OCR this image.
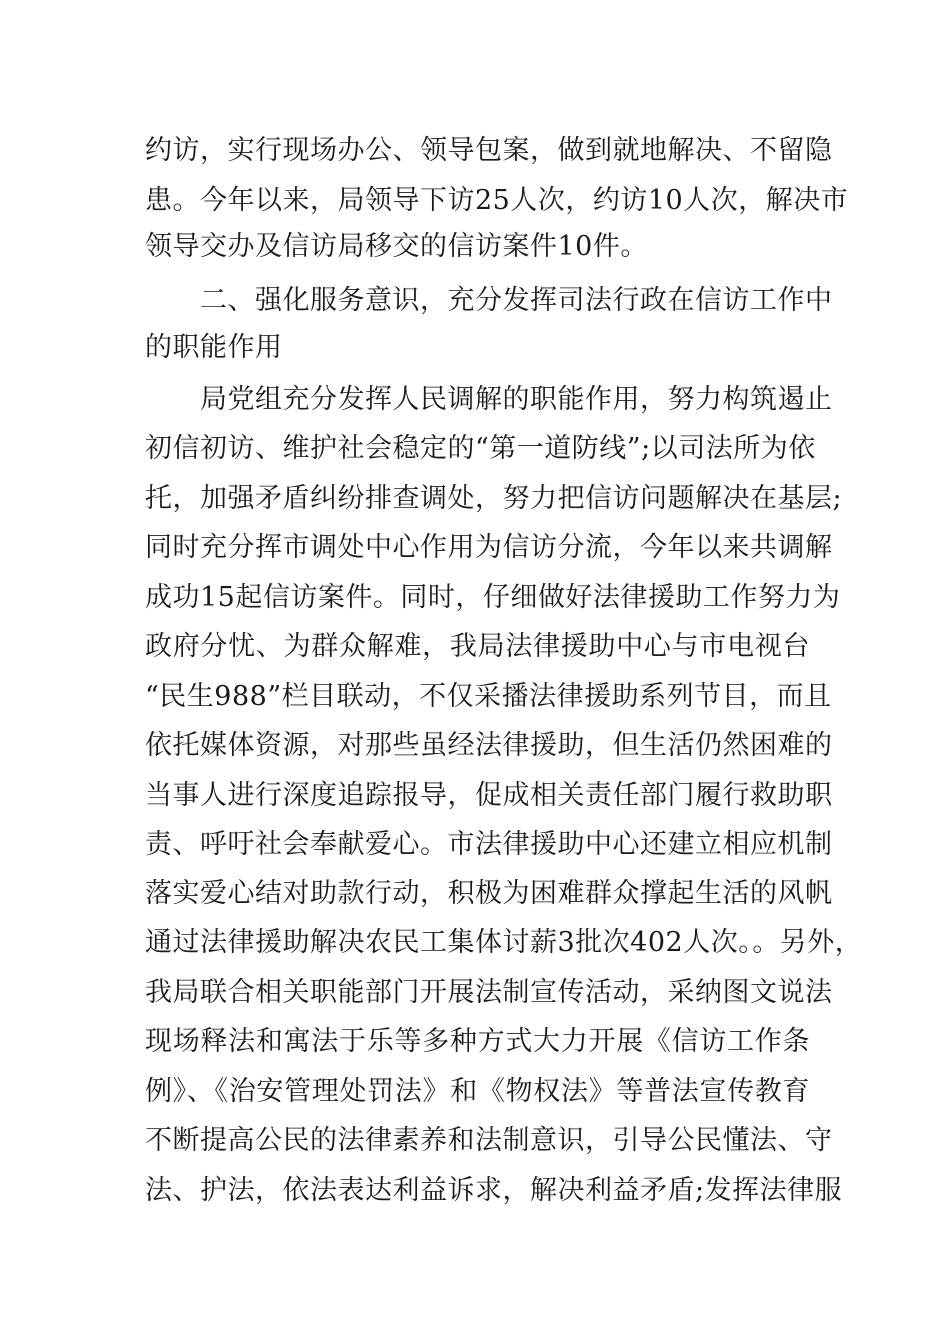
约访，实行现场办公、领导包案，做到就地解决、不留隐
患。今年以来，局领导下访25人次，约访10人次，解决市
领导交办及信访局移交的信访案件10件。
二、强化服务意识，充分发挥司法行政在信访工作中
的职能作用
局党组充分发挥人民调解的职能作用，努力构筑遏止
初信初访、维护社会稳定的“第一道防线”;以司法所为依
托，加强矛盾纠纷排查调处，努力把信访问题解决在基层;
同时充分挥市调处中心作用为信访分流，今年以来共调解
成功15起信访案件。同时，仔细做好法律援助工作努力为
政府分忧、为群众解难，我局法律援助中心与市电视台
“民生988”栏目联动，不仅采播法律援助系列节目，而且
依托媒体资源，对那些虽经法律援助，但生活仍然困难的
当事人进行深度追踪报导，促成相关责任部门履行救助职
责、呼吁社会奉献爱心。市法律援助中心还建立相应机制
落实爱心结对助款行动，积极为困难群众撑起生活的风帆
通过法律援助解决农民工集体讨薪3批次402人次。。另外，
我局联合相关职能部门开展法制宣传活动，采纳图文说法
现场释法和寓法于乐等多种方式大力开展《信访工作条
例》、《治安管理处罚法》和《物权法》等普法宣传教育
不断提高公民的法律素养和法制意识，引导公民懂法、守
法、护法，依法表达利益诉求，解决利益矛盾;发挥法律服
